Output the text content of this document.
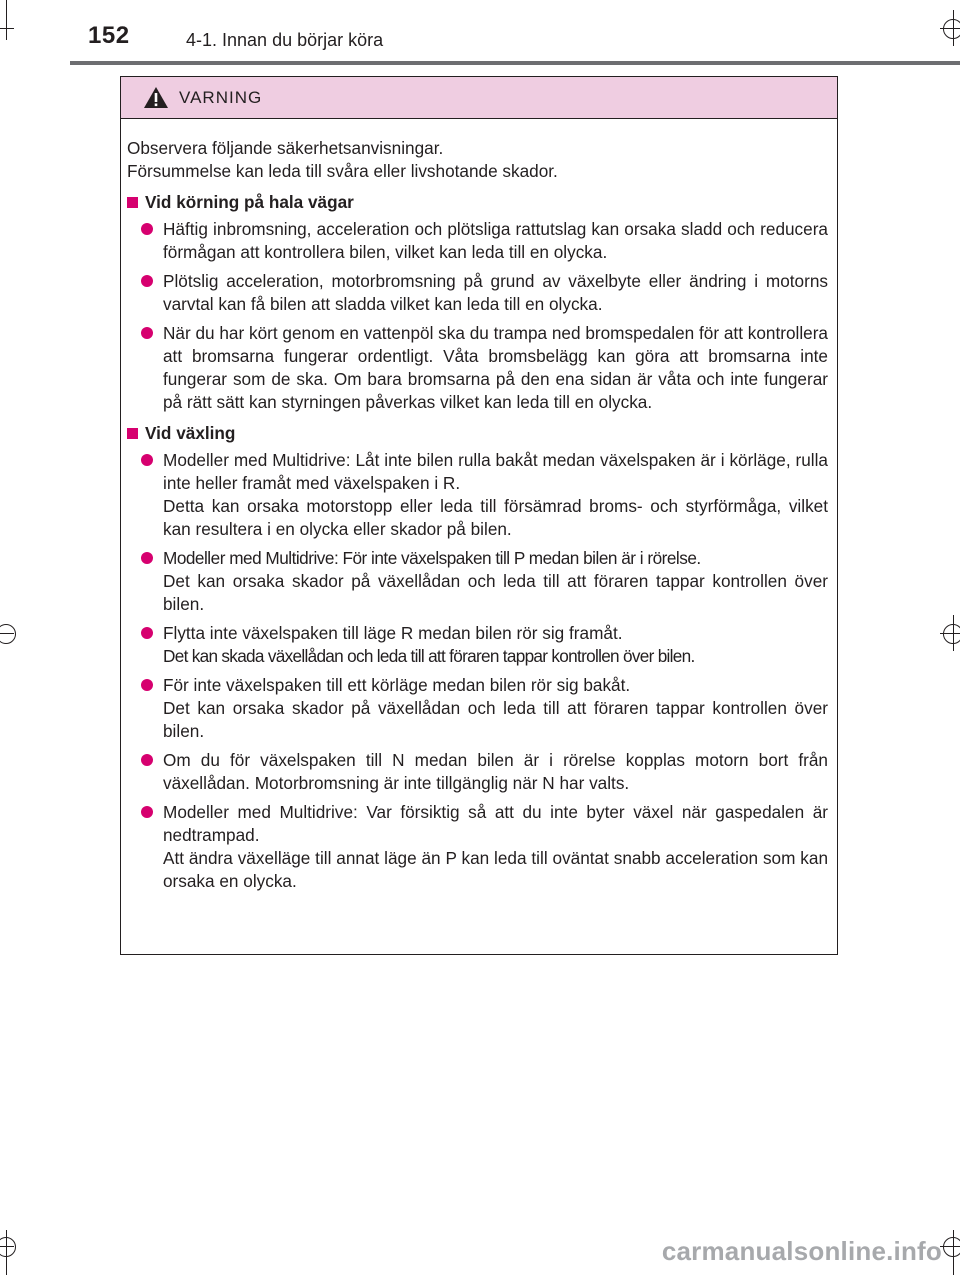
152	4-1. Innan du börjar köra
VARNING

Observera följande säkerhetsanvisningar.

Försummelse kan leda till svåra eller livshotande skador.

Vid körning på hala vägar

Häftig inbromsning, acceleration och plötsliga rattutslag kan orsaka sladd och reducera förmågan att kontrollera bilen, vilket kan leda till en olycka.

Plötslig acceleration, motorbromsning på grund av växelbyte eller ändring i motorns varvtal kan få bilen att sladda vilket kan leda till en olycka.

När du har kört genom en vattenpöl ska du trampa ned bromspedalen för att kontrollera att bromsarna fungerar ordentligt. Våta bromsbelägg kan göra att bromsarna inte fungerar som de ska. Om bara bromsarna på den ena sidan är våta och inte fungerar på rätt sätt kan styrningen påverkas vilket kan leda till en olycka.

Vid växling

Modeller med Multidrive: Låt inte bilen rulla bakåt medan växelspaken är i körläge, rulla inte heller framåt med växelspaken i R.

Detta kan orsaka motorstopp eller leda till försämrad broms- och styrförmåga, vilket kan resultera i en olycka eller skador på bilen.

Modeller med Multidrive: För inte växelspaken till P medan bilen är i rörelse.

Det kan orsaka skador på växellådan och leda till att föraren tappar kontrollen över bilen.

Flytta inte växelspaken till läge R medan bilen rör sig framåt.

Det kan skada växellådan och leda till att föraren tappar kontrollen över bilen.

För inte växelspaken till ett körläge medan bilen rör sig bakåt.

Det kan orsaka skador på växellådan och leda till att föraren tappar kontrollen över bilen.

Om du för växelspaken till N medan bilen är i rörelse kopplas motorn bort från växellådan. Motorbromsning är inte tillgänglig när N har valts.

Modeller med Multidrive: Var försiktig så att du inte byter växel när gaspedalen är nedtrampad.

Att ändra växelläge till annat läge än P kan leda till oväntat snabb acceleration som kan orsaka en olycka.

carmanualsonline.info
